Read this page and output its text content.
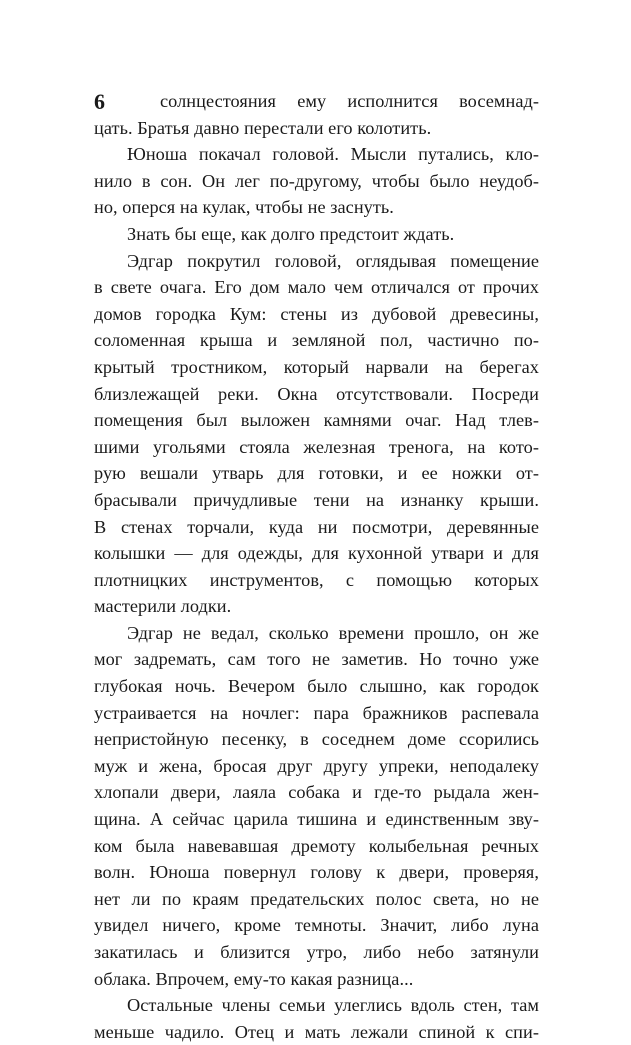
6	солнцестояния ему исполнится восемнад-
цать. Братья давно перестали его колотить.
Юноша покачал головой. Мысли путались, кло-
нило в сон. Он лег по-другому, чтобы было неудоб-
но, оперся на кулак, чтобы не заснуть.
Знать бы еще, как долго предстоит ждать.
Эдгар покрутил головой, оглядывая помещение
в свете очага. Его дом мало чем отличался от прочих
домов городка Кум: стены из дубовой древесины,
соломенная крыша и земляной пол, частично по-
крытый тростником, который нарвали на берегах
близлежащей реки. Окна отсутствовали. Посреди
помещения был выложен камнями очаг. Над тлев-
шими угольями стояла железная тренога, на кото-
рую вешали утварь для готовки, и ее ножки от-
брасывали причудливые тени на изнанку крыши.
В стенах торчали, куда ни посмотри, деревянные
колышки — для одежды, для кухонной утвари и для
плотницких инструментов, с помощью которых
мастерили лодки.
Эдгар не ведал, сколько времени прошло, он же
мог задремать, сам того не заметив. Но точно уже
глубокая ночь. Вечером было слышно, как городок
устраивается на ночлег: пара бражников распевала
непристойную песенку, в соседнем доме ссорились
муж и жена, бросая друг другу упреки, неподалеку
хлопали двери, лаяла собака и где-то рыдала жен-
щина. А сейчас царила тишина и единственным зву-
ком была навевавшая дремоту колыбельная речных
волн. Юноша повернул голову к двери, проверяя,
нет ли по краям предательских полос света, но не
увидел ничего, кроме темноты. Значит, либо луна
закатилась и близится утро, либо небо затянули
облака. Впрочем, ему-то какая разница...
Остальные члены семьи улеглись вдоль стен, там
меньше чадило. Отец и мать лежали спиной к спи-
